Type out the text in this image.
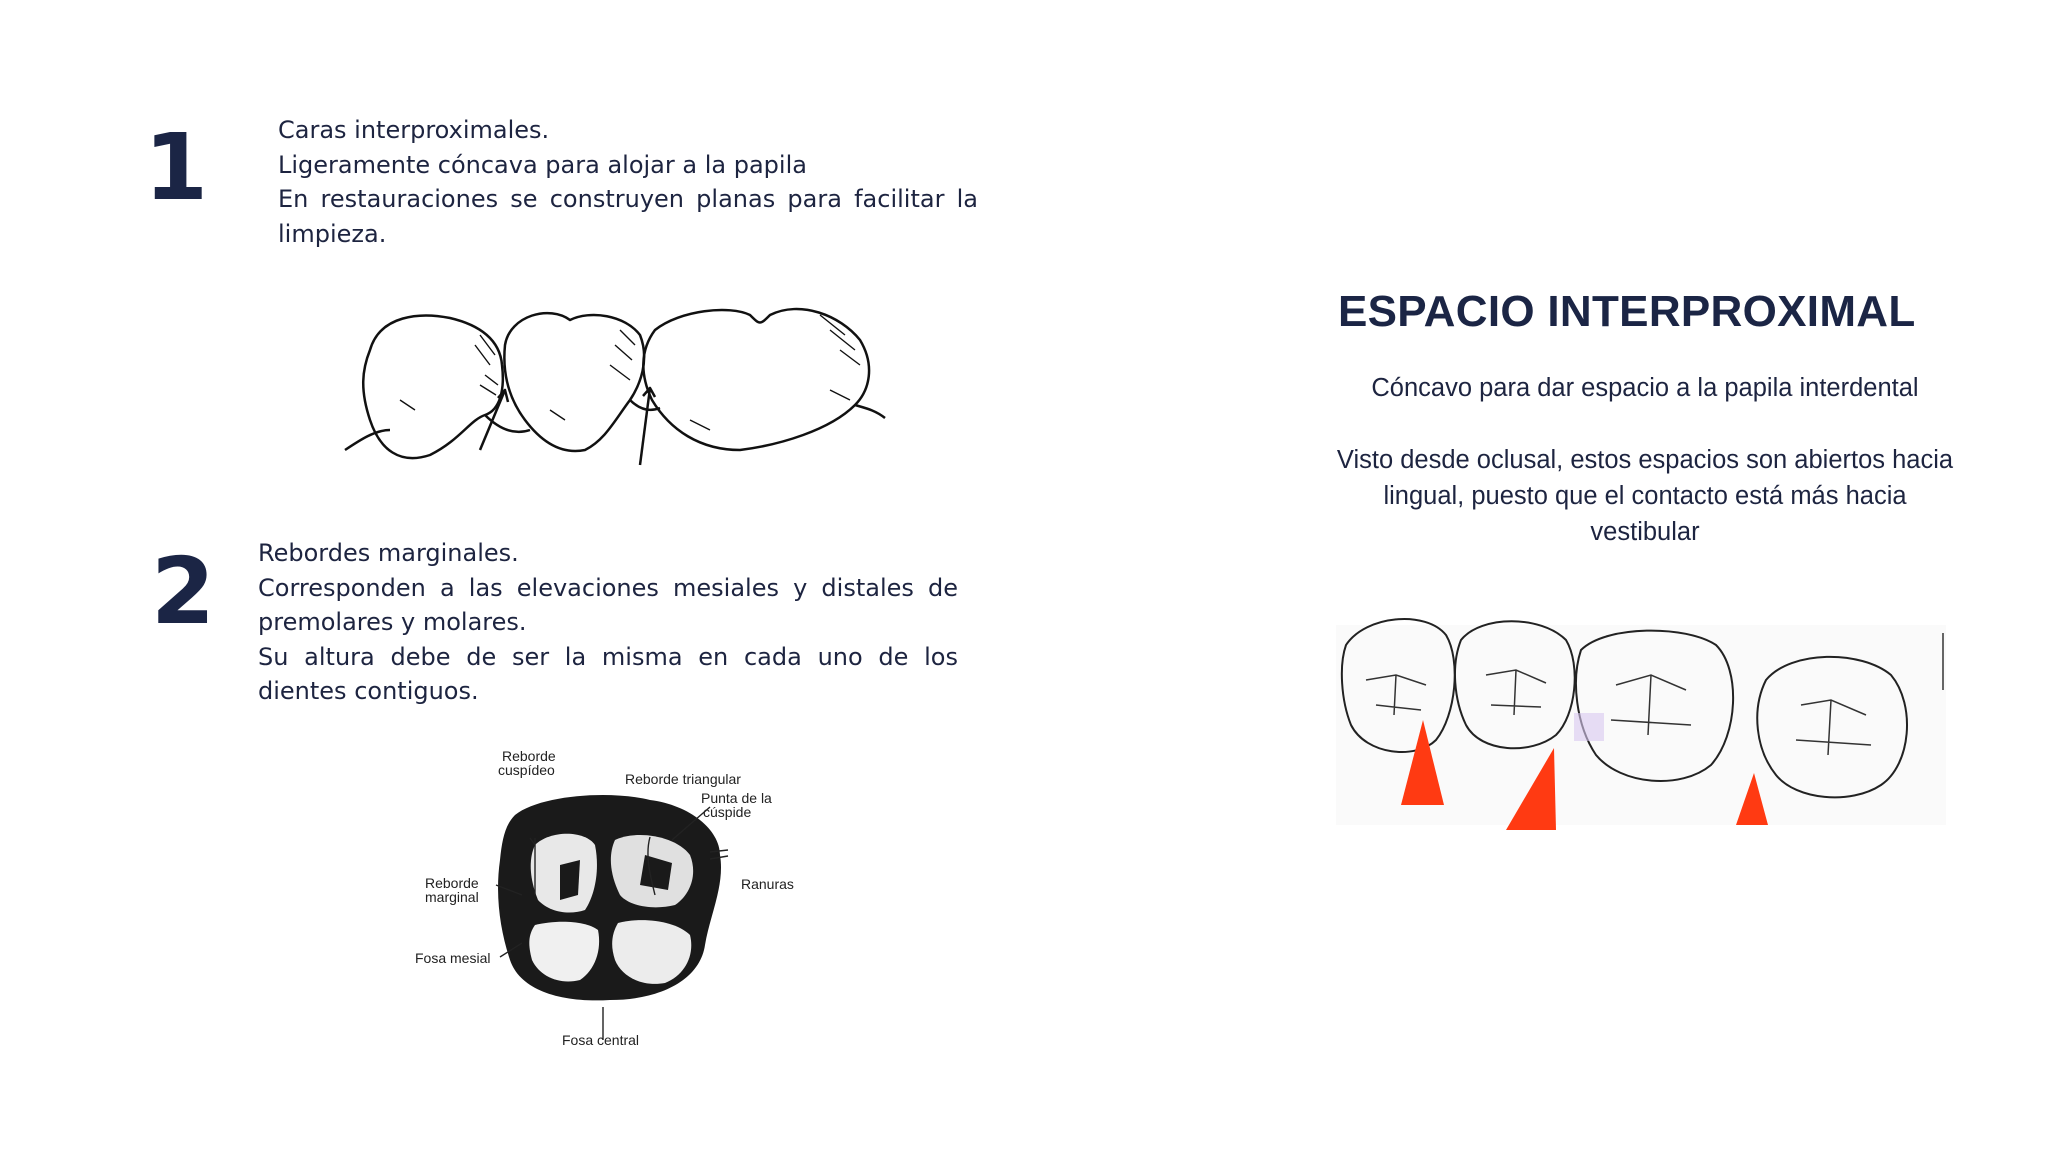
1	Caras interproximales.

Ligeramente cóncava para alojar a la papila

En restauraciones se construyen planas para facilitar la limpieza.

2 Rebordes marginales.

Corresponden a las elevaciones mesiales y distales de premolares y molares.

Su altura debe de ser la misma en cada uno de los dientes contiguos.

Reborde
cuspídeo
Reborde triangular
Punta de la
cúspide
Ranuras
Reborde
marginal
Fosa mesial
Fosa central
ESPACIO INTERPROXIMAL

Cóncavo para dar espacio a la papila interdental

Visto desde oclusal, estos espacios son abiertos hacia lingual, puesto que el contacto está más hacia vestibular
